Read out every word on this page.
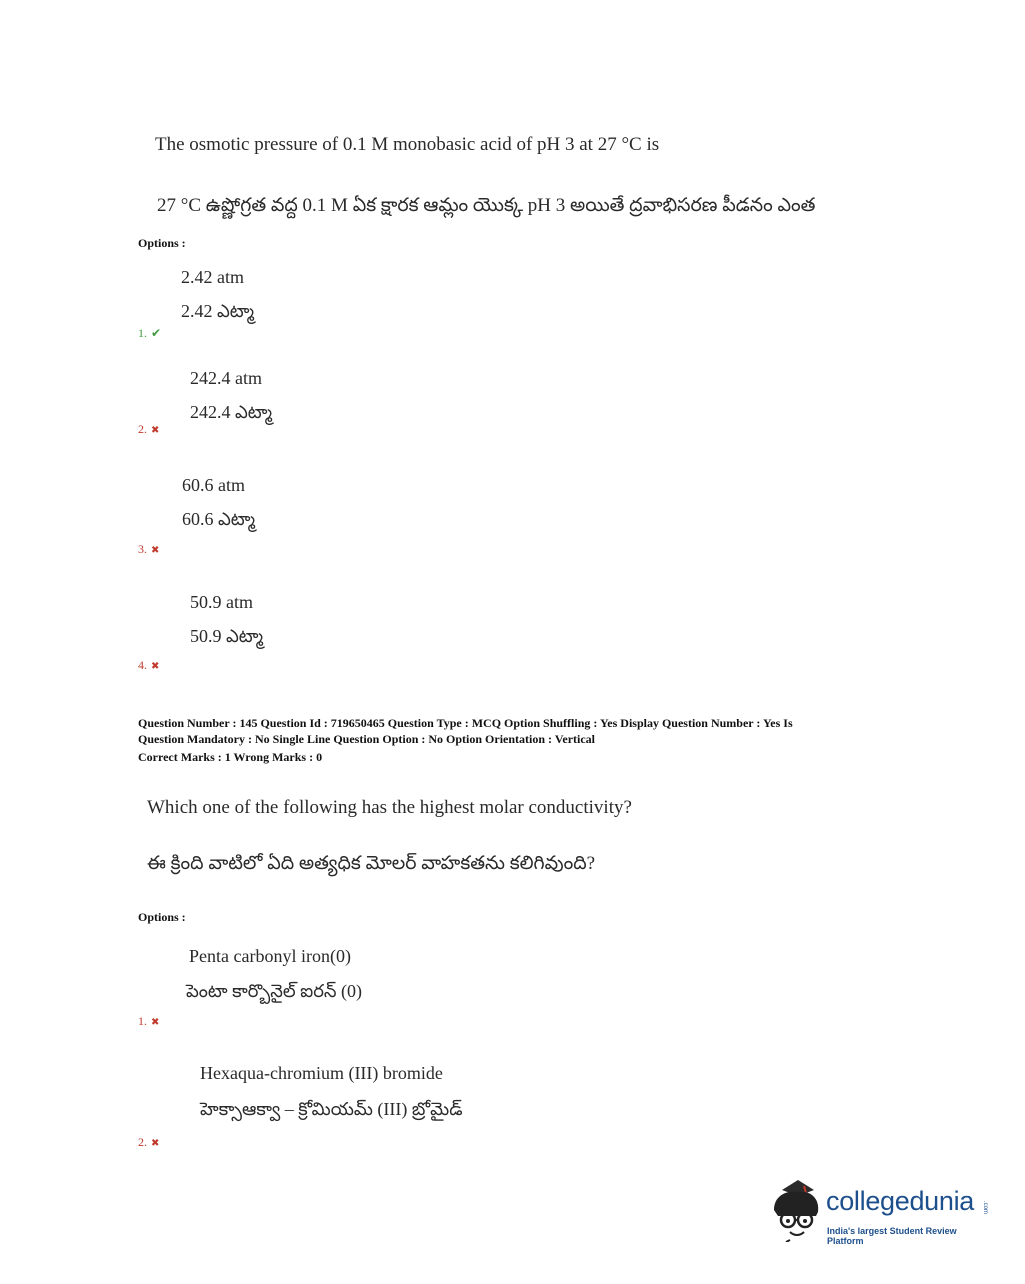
The osmotic pressure of 0.1 M monobasic acid of pH 3 at 27 °C is
27 °C ఉష్ణోగ్రత వద్ద 0.1 M ఏక క్షారక ఆమ్లం యొక్క pH 3 అయితే ద్రవాభిసరణ పీడనం ఎంత
Options :
2.42 atm
2.42 ఎట్మా
1. ✔
242.4 atm
242.4 ఎట్మా
2. ✖
60.6 atm
60.6 ఎట్మా
3. ✖
50.9 atm
50.9 ఎట్మా
4. ✖
Question Number : 145 Question Id : 719650465 Question Type : MCQ Option Shuffling : Yes Display Question Number : Yes Is
Question Mandatory : No Single Line Question Option : No Option Orientation : Vertical
Correct Marks : 1 Wrong Marks : 0
Which one of the following has the highest molar conductivity?
ఈ క్రింది వాటిలో ఏది అత్యధిక మోలర్ వాహకతను కలిగివుంది?
Options :
Penta carbonyl iron(0)
పెంటా కార్బొనైల్ ఐరన్ (0)
1. ✖
Hexaqua-chromium (III) bromide
హెక్సాఆక్వా – క్రోమియమ్ (III) బ్రోమైడ్
2. ✖
collegedunia .com
India's largest Student Review Platform
